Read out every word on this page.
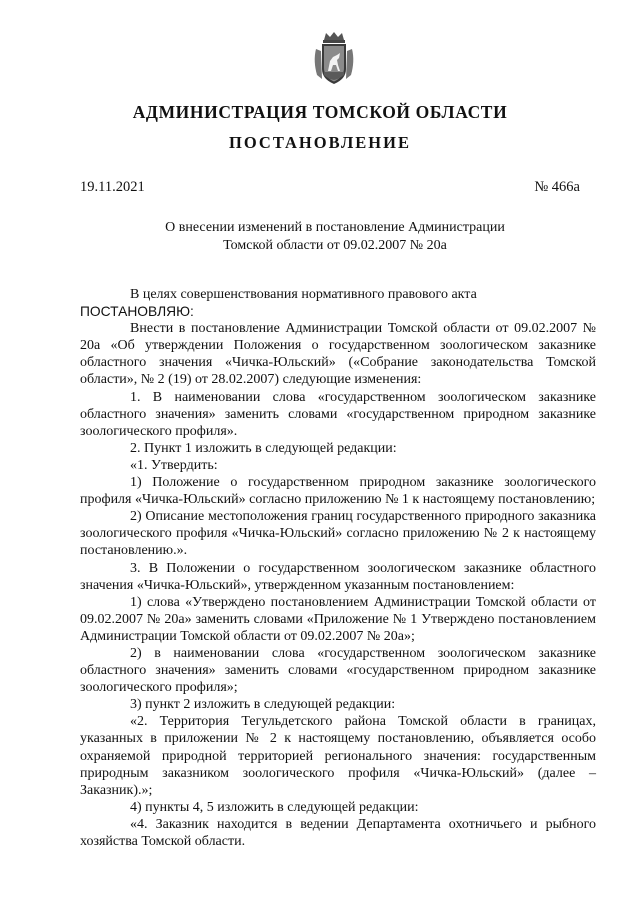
АДМИНИСТРАЦИЯ ТОМСКОЙ ОБЛАСТИ
ПОСТАНОВЛЕНИЕ
19.11.2021	№ 466а
О внесении изменений в постановление Администрации
Томской области от 09.02.2007 № 20а

В целях совершенствования нормативного правового акта

ПОСТАНОВЛЯЮ:

Внести в постановление Администрации Томской области от 09.02.2007 № 20а «Об утверждении Положения о государственном зоологическом заказнике областного значения «Чичка-Юльский» («Собрание законодательства Томской области», № 2 (19) от 28.02.2007) следующие изменения:

1. В наименовании слова «государственном зоологическом заказнике областного значения» заменить словами «государственном природном заказнике зоологического профиля».

2. Пункт 1 изложить в следующей редакции:

«1. Утвердить:

1) Положение о государственном природном заказнике зоологического профиля «Чичка-Юльский» согласно приложению № 1 к настоящему постановлению;

2) Описание местоположения границ государственного природного заказника зоологического профиля «Чичка-Юльский» согласно приложению № 2 к настоящему постановлению.».

3. В Положении о государственном зоологическом заказнике областного значения «Чичка-Юльский», утвержденном указанным постановлением:

1) слова «Утверждено постановлением Администрации Томской области от 09.02.2007 № 20а» заменить словами «Приложение № 1 Утверждено постановлением Администрации Томской области от 09.02.2007 № 20а»;

2) в наименовании слова «государственном зоологическом заказнике областного значения» заменить словами «государственном природном заказнике зоологического профиля»;

3) пункт 2 изложить в следующей редакции:

«2. Территория Тегульдетского района Томской области в границах, указанных в приложении № 2 к настоящему постановлению, объявляется особо охраняемой природной территорией регионального значения: государственным природным заказником зоологического профиля «Чичка-Юльский» (далее – Заказник).»;

4) пункты 4, 5 изложить в следующей редакции:

«4. Заказник находится в ведении Департамента охотничьего и рыбного хозяйства Томской области.
